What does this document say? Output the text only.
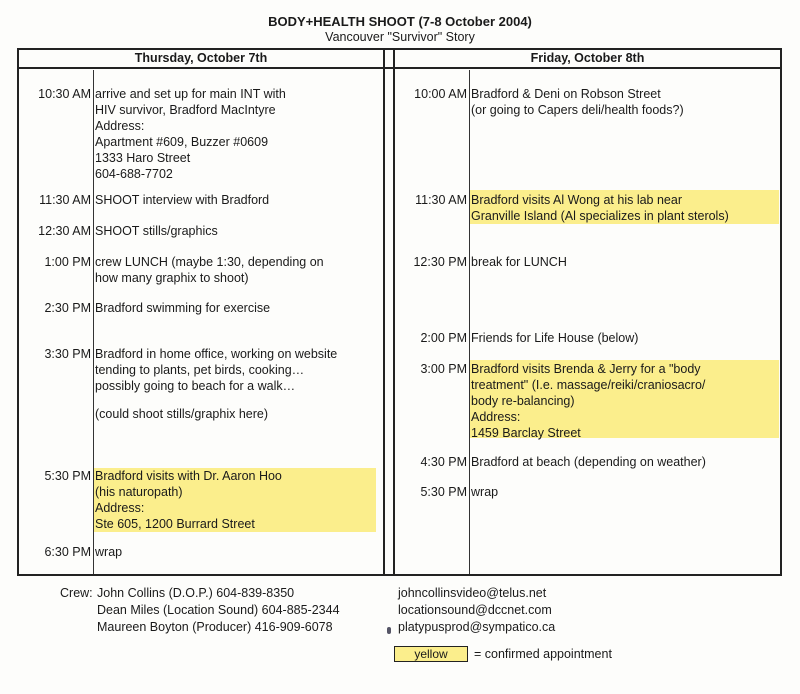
BODY+HEALTH SHOOT (7-8 October 2004)
Vancouver "Survivor" Story
Thursday, October 7th	Friday, October 8th
10:30 AM arrive and set up for main INT with
HIV survivor, Bradford MacIntyre
Address:
Apartment #609, Buzzer #0609
1333 Haro Street
604-688-7702
11:30 AM SHOOT interview with Bradford
12:30 AM SHOOT stills/graphics
1:00 PM crew LUNCH (maybe 1:30, depending on
how many graphix to shoot)
2:30 PM Bradford swimming for exercise
3:30 PM Bradford in home office, working on website
tending to plants, pet birds, cooking…
possibly going to beach for a walk…
(could shoot stills/graphix here)
5:30 PM Bradford visits with Dr. Aaron Hoo
(his naturopath)
Address:
Ste 605, 1200 Burrard Street
6:30 PM wrap
10:00 AM Bradford & Deni on Robson Street
(or going to Capers deli/health foods?)
11:30 AM Bradford visits Al Wong at his lab near
Granville Island (Al specializes in plant sterols)
12:30 PM break for LUNCH
2:00 PM Friends for Life House (below)
3:00 PM Bradford visits Brenda & Jerry for a "body
treatment" (I.e. massage/reiki/craniosacro/
body re-balancing)
Address:
1459 Barclay Street
4:30 PM Bradford at beach (depending on weather)
5:30 PM wrap
Crew: John Collins (D.O.P.) 604-839-8350
Dean Miles (Location Sound) 604-885-2344
Maureen Boyton (Producer) 416-909-6078
johncollinsvideo@telus.net
locationsound@dccnet.com
platypusprod@sympatico.ca
yellow	= confirmed appointment
